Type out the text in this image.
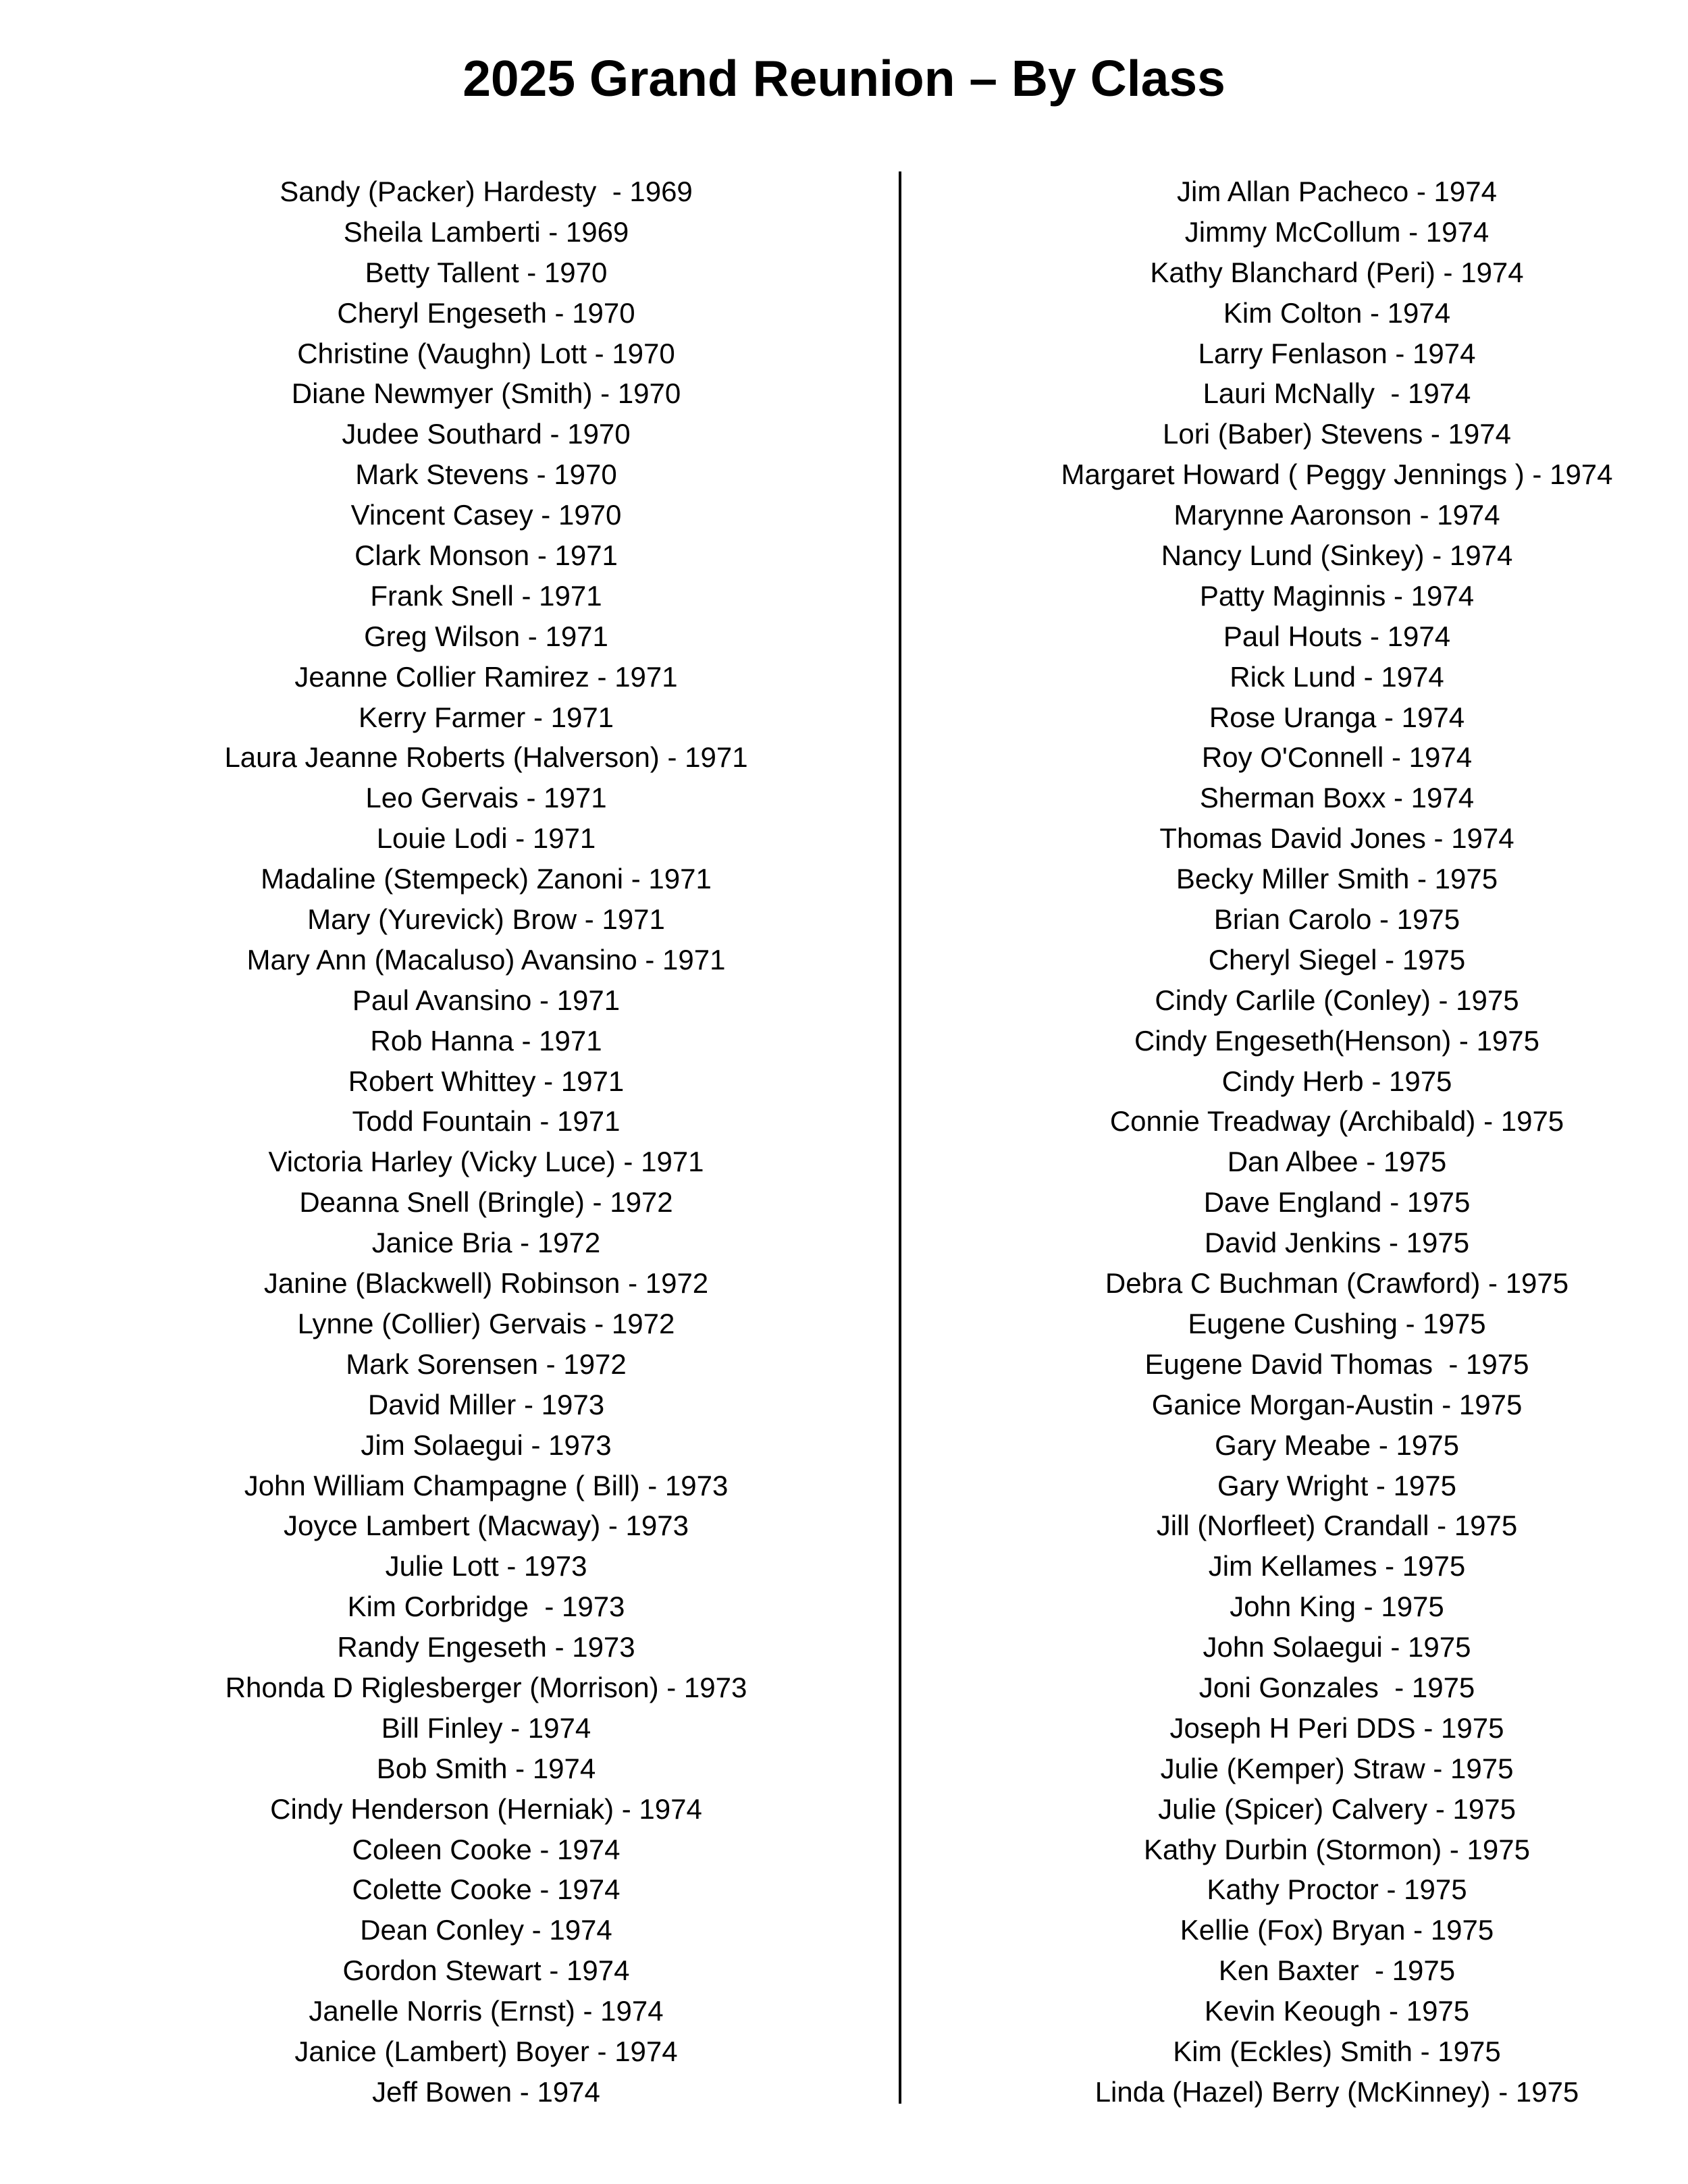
2025 Grand Reunion – By Class
Sandy (Packer) Hardesty  - 1969
Sheila Lamberti - 1969
Betty Tallent - 1970
Cheryl Engeseth - 1970
Christine (Vaughn) Lott - 1970
Diane Newmyer (Smith) - 1970
Judee Southard - 1970
Mark Stevens - 1970
Vincent Casey - 1970
Clark Monson - 1971
Frank Snell - 1971
Greg Wilson - 1971
Jeanne Collier Ramirez - 1971
Kerry Farmer - 1971
Laura Jeanne Roberts (Halverson) - 1971
Leo Gervais - 1971
Louie Lodi - 1971
Madaline (Stempeck) Zanoni - 1971
Mary (Yurevick) Brow - 1971
Mary Ann (Macaluso) Avansino - 1971
Paul Avansino - 1971
Rob Hanna - 1971
Robert Whittey - 1971
Todd Fountain - 1971
Victoria Harley (Vicky Luce) - 1971
Deanna Snell (Bringle) - 1972
Janice Bria - 1972
Janine (Blackwell) Robinson - 1972
Lynne (Collier) Gervais - 1972
Mark Sorensen - 1972
David Miller - 1973
Jim Solaegui - 1973
John William Champagne ( Bill) - 1973
Joyce Lambert (Macway) - 1973
Julie Lott - 1973
Kim Corbridge  - 1973
Randy Engeseth - 1973
Rhonda D Riglesberger (Morrison) - 1973
Bill Finley - 1974
Bob Smith - 1974
Cindy Henderson (Herniak) - 1974
Coleen Cooke - 1974
Colette Cooke - 1974
Dean Conley - 1974
Gordon Stewart - 1974
Janelle Norris (Ernst) - 1974
Janice (Lambert) Boyer - 1974
Jeff Bowen - 1974
Jim Allan Pacheco - 1974
Jimmy McCollum - 1974
Kathy Blanchard (Peri) - 1974
Kim Colton - 1974
Larry Fenlason - 1974
Lauri McNally  - 1974
Lori (Baber) Stevens - 1974
Margaret Howard ( Peggy Jennings ) - 1974
Marynne Aaronson - 1974
Nancy Lund (Sinkey) - 1974
Patty Maginnis - 1974
Paul Houts - 1974
Rick Lund - 1974
Rose Uranga - 1974
Roy O'Connell - 1974
Sherman Boxx - 1974
Thomas David Jones - 1974
Becky Miller Smith - 1975
Brian Carolo - 1975
Cheryl Siegel - 1975
Cindy Carlile (Conley) - 1975
Cindy Engeseth(Henson) - 1975
Cindy Herb - 1975
Connie Treadway (Archibald) - 1975
Dan Albee - 1975
Dave England - 1975
David Jenkins - 1975
Debra C Buchman (Crawford) - 1975
Eugene Cushing - 1975
Eugene David Thomas  - 1975
Ganice Morgan-Austin - 1975
Gary Meabe - 1975
Gary Wright - 1975
Jill (Norfleet) Crandall - 1975
Jim Kellames - 1975
John King - 1975
John Solaegui - 1975
Joni Gonzales  - 1975
Joseph H Peri DDS - 1975
Julie (Kemper) Straw - 1975
Julie (Spicer) Calvery - 1975
Kathy Durbin (Stormon) - 1975
Kathy Proctor - 1975
Kellie (Fox) Bryan - 1975
Ken Baxter  - 1975
Kevin Keough - 1975
Kim (Eckles) Smith - 1975
Linda (Hazel) Berry (McKinney) - 1975
